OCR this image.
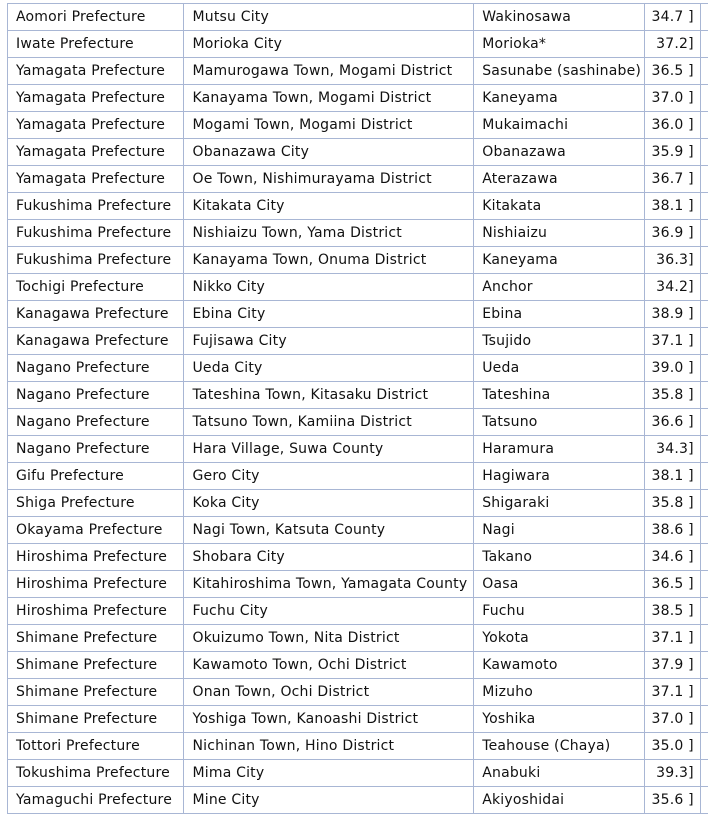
Aomori Prefecture	Mutsu City	Wakinosawa	34.7 ]	
Iwate Prefecture	Morioka City	Morioka*	37.2]	
Yamagata Prefecture	Mamurogawa Town, Mogami District	Sasunabe (sashinabe)	36.5 ]	
Yamagata Prefecture	Kanayama Town, Mogami District	Kaneyama	37.0 ]	
Yamagata Prefecture	Mogami Town, Mogami District	Mukaimachi	36.0 ]	
Yamagata Prefecture	Obanazawa City	Obanazawa	35.9 ]	
Yamagata Prefecture	Oe Town, Nishimurayama District	Aterazawa	36.7 ]	
Fukushima Prefecture	Kitakata City	Kitakata	38.1 ]	
Fukushima Prefecture	Nishiaizu Town, Yama District	Nishiaizu	36.9 ]	
Fukushima Prefecture	Kanayama Town, Onuma District	Kaneyama	36.3]	
Tochigi Prefecture	Nikko City	Anchor	34.2]	
Kanagawa Prefecture	Ebina City	Ebina	38.9 ]	
Kanagawa Prefecture	Fujisawa City	Tsujido	37.1 ]	
Nagano Prefecture	Ueda City	Ueda	39.0 ]	
Nagano Prefecture	Tateshina Town, Kitasaku District	Tateshina	35.8 ]	
Nagano Prefecture	Tatsuno Town, Kamiina District	Tatsuno	36.6 ]	
Nagano Prefecture	Hara Village, Suwa County	Haramura	34.3]	
Gifu Prefecture	Gero City	Hagiwara	38.1 ]	
Shiga Prefecture	Koka City	Shigaraki	35.8 ]	
Okayama Prefecture	Nagi Town, Katsuta County	Nagi	38.6 ]	
Hiroshima Prefecture	Shobara City	Takano	34.6 ]	
Hiroshima Prefecture	Kitahiroshima Town, Yamagata County	Oasa	36.5 ]	
Hiroshima Prefecture	Fuchu City	Fuchu	38.5 ]	
Shimane Prefecture	Okuizumo Town, Nita District	Yokota	37.1 ]	
Shimane Prefecture	Kawamoto Town, Ochi District	Kawamoto	37.9 ]	
Shimane Prefecture	Onan Town, Ochi District	Mizuho	37.1 ]	
Shimane Prefecture	Yoshiga Town, Kanoashi District	Yoshika	37.0 ]	
Tottori Prefecture	Nichinan Town, Hino District	Teahouse (Chaya)	35.0 ]	
Tokushima Prefecture	Mima City	Anabuki	39.3]	
Yamaguchi Prefecture	Mine City	Akiyoshidai	35.6 ]	
